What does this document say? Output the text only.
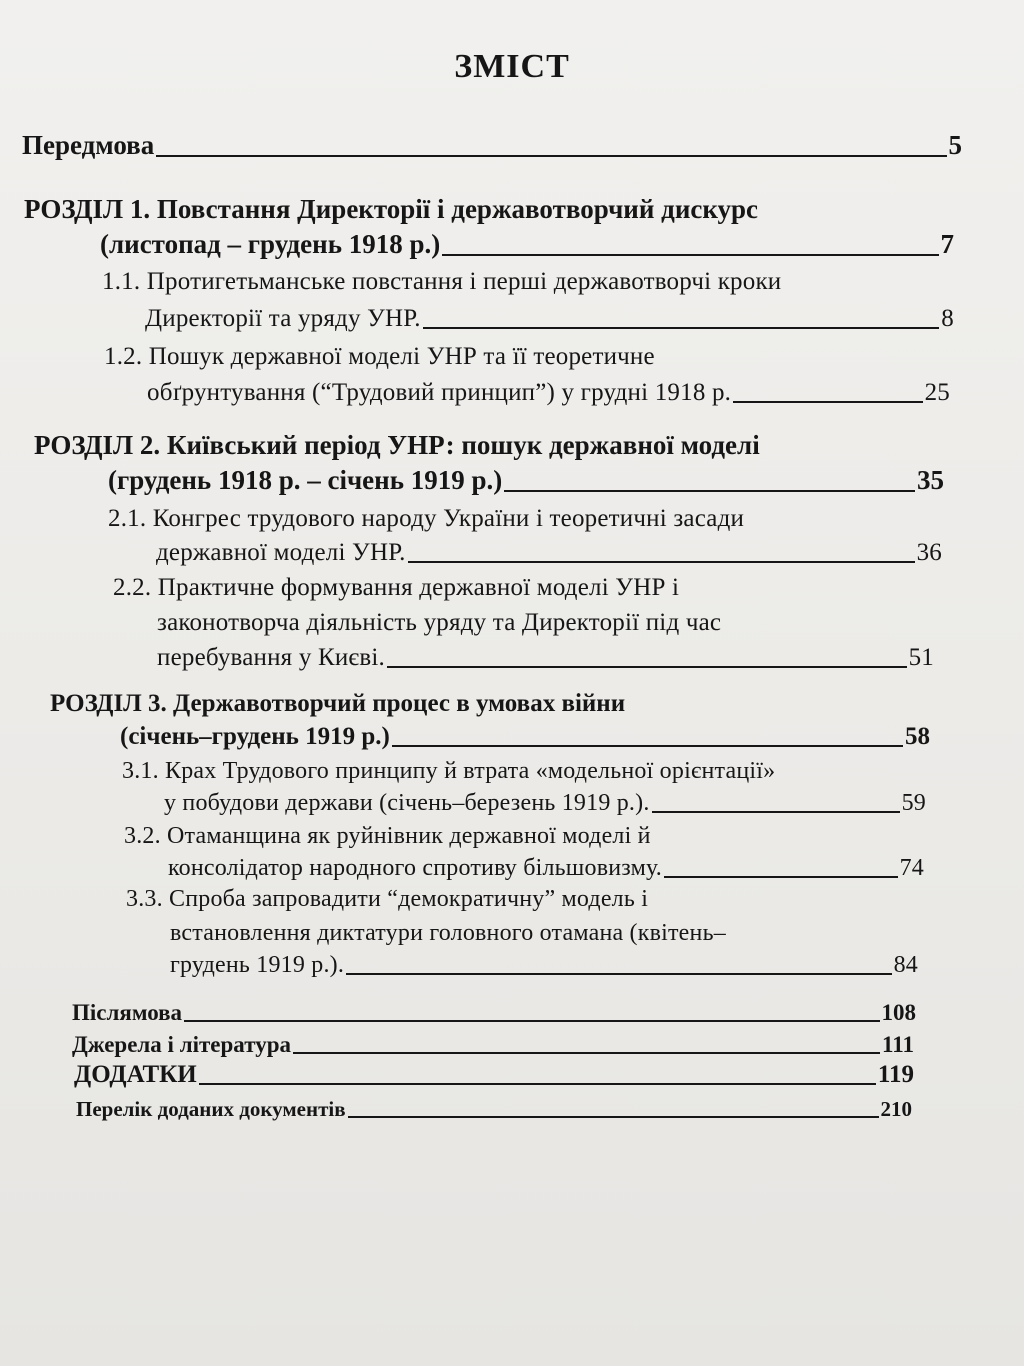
ЗМІСТ
Передмова	5
РОЗДІЛ 1. Повстання Директорії і державотворчий дискурс
(листопад – грудень 1918 р.)	7
1.1. Протигетьманське повстання і перші державотворчі кроки
Директорії та уряду УНР.	8
1.2. Пошук державної моделі УНР та її теоретичне
обґрунтування (“Трудовий принцип”) у грудні 1918 р.	25
РОЗДІЛ 2. Київський період УНР: пошук державної моделі
(грудень 1918 р. – січень 1919 р.)	35
2.1. Конгрес трудового народу України і теоретичні засади
державної моделі УНР.	36
2.2. Практичне формування державної моделі УНР і
законотворча діяльність уряду та Директорії під час
перебування у Києві.	51
РОЗДІЛ 3. Державотворчий процес в умовах війни
(січень–грудень 1919 р.)	58
3.1. Крах Трудового принципу й втрата «модельної орієнтації»
у побудови держави (січень–березень 1919 р.).	59
3.2. Отаманщина як руйнівник державної моделі й
консолідатор народного спротиву більшовизму.	74
3.3. Спроба запровадити “демократичну” модель і
встановлення диктатури головного отамана (квітень–
грудень 1919 р.).	84
Післямова	108
Джерела і література	111
ДОДАТКИ	119
Перелік доданих документів	210
